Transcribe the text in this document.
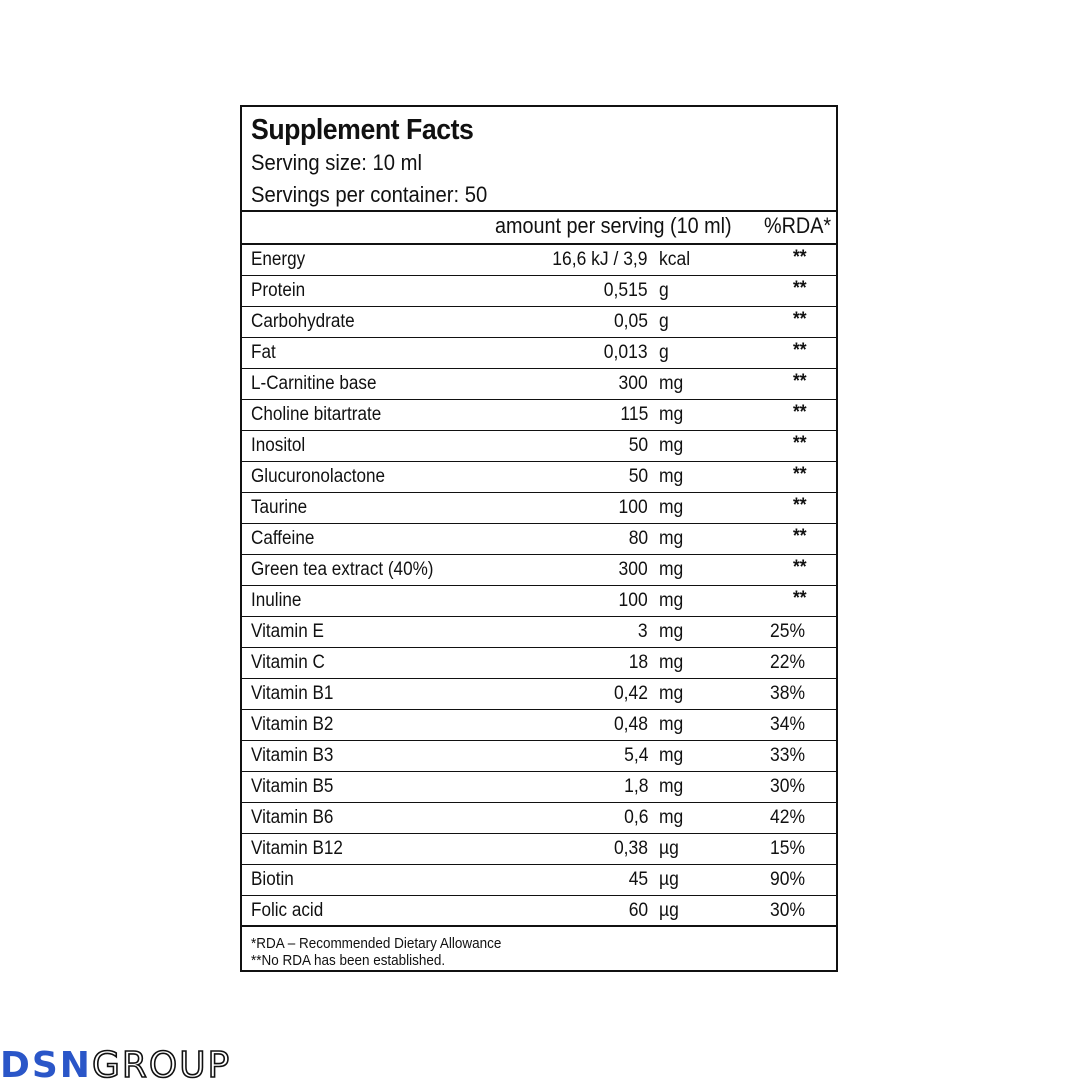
Supplement Facts
Serving size: 10 ml
Servings per container: 50
amount per serving (10 ml) %RDA*
Energy	16,6 kJ / 3,9 kcal	**
Protein	0,515 g	**
Carbohydrate	0,05 g	**
Fat	0,013 g	**
L-Carnitine base	300 mg	**
Choline bitartrate	115 mg	**
Inositol	50 mg	**
Glucuronolactone	50 mg	**
Taurine	100 mg	**
Caffeine	80 mg	**
Green tea extract (40%)	300 mg	**
Inuline	100 mg	**
Vitamin E	3 mg	25%
Vitamin C	18 mg	22%
Vitamin B1	0,42 mg	38%
Vitamin B2	0,48 mg	34%
Vitamin B3	5,4 mg	33%
Vitamin B5	1,8 mg	30%
Vitamin B6	0,6 mg	42%
Vitamin B12	0,38 µg	15%
Biotin	45 µg	90%
Folic acid	60 µg	30%
*RDA – Recommended Dietary Allowance
**No RDA has been established.
DSNGROUP
